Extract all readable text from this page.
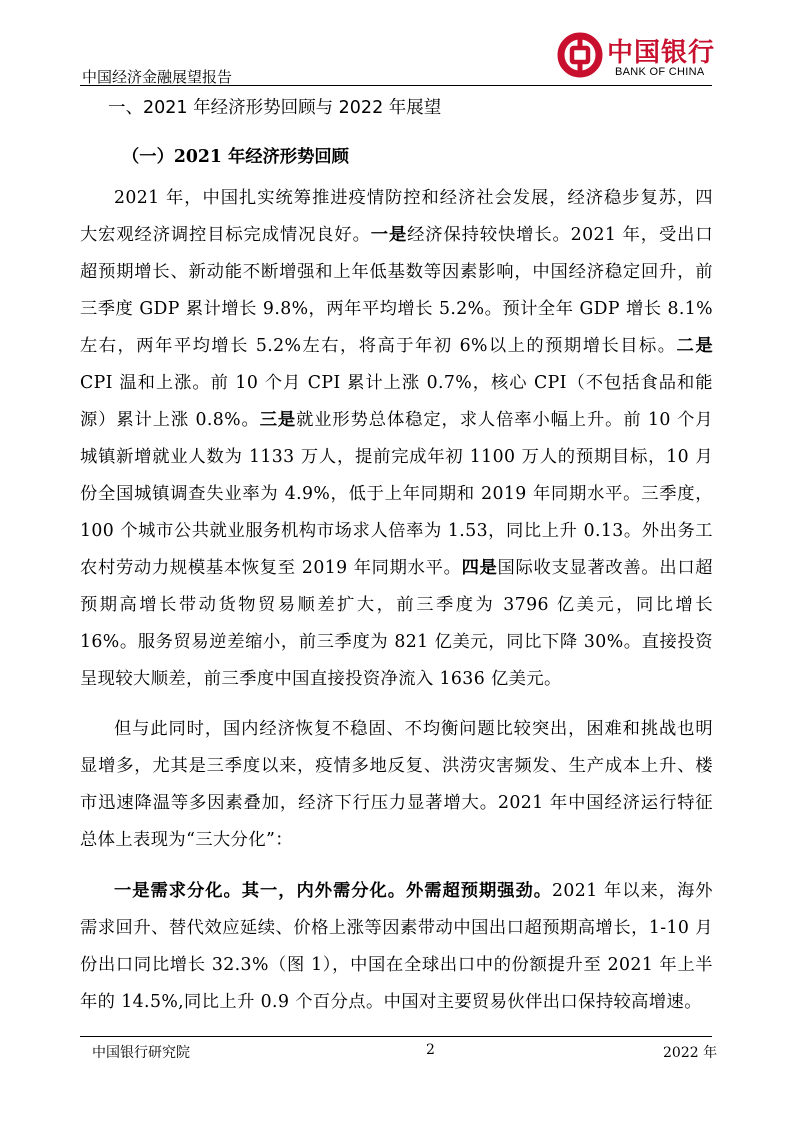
中国经济金融展望报告
中国银行
BANK OF CHINA
一、2021 年经济形势回顾与 2022 年展望
（一）2021 年经济形势回顾

2021 年，中国扎实统筹推进疫情防控和经济社会发展，经济稳步复苏，四大宏观经济调控目标完成情况良好。一是经济保持较快增长。2021 年，受出口超预期增长、新动能不断增强和上年低基数等因素影响，中国经济稳定回升，前三季度 GDP 累计增长 9.8%，两年平均增长 5.2%。预计全年 GDP 增长 8.1%左右，两年平均增长 5.2%左右，将高于年初 6%以上的预期增长目标。二是 CPI 温和上涨。前 10 个月 CPI 累计上涨 0.7%，核心 CPI（不包括食品和能源）累计上涨 0.8%。三是就业形势总体稳定，求人倍率小幅上升。前 10 个月城镇新增就业人数为 1133 万人，提前完成年初 1100 万人的预期目标，10 月份全国城镇调查失业率为 4.9%，低于上年同期和 2019 年同期水平。三季度，100 个城市公共就业服务机构市场求人倍率为 1.53，同比上升 0.13。外出务工农村劳动力规模基本恢复至 2019 年同期水平。四是国际收支显著改善。出口超预期高增长带动货物贸易顺差扩大，前三季度为 3796 亿美元，同比增长 16%。服务贸易逆差缩小，前三季度为 821 亿美元，同比下降 30%。直接投资呈现较大顺差，前三季度中国直接投资净流入 1636 亿美元。

但与此同时，国内经济恢复不稳固、不均衡问题比较突出，困难和挑战也明显增多，尤其是三季度以来，疫情多地反复、洪涝灾害频发、生产成本上升、楼市迅速降温等多因素叠加，经济下行压力显著增大。2021 年中国经济运行特征总体上表现为“三大分化”：

一是需求分化。其一，内外需分化。外需超预期强劲。2021 年以来，海外需求回升、替代效应延续、价格上涨等因素带动中国出口超预期高增长，1-10 月份出口同比增长 32.3%（图 1），中国在全球出口中的份额提升至 2021 年上半年的 14.5%,同比上升 0.9 个百分点。中国对主要贸易伙伴出口保持较高增速。

中国银行研究院	2	2022 年
